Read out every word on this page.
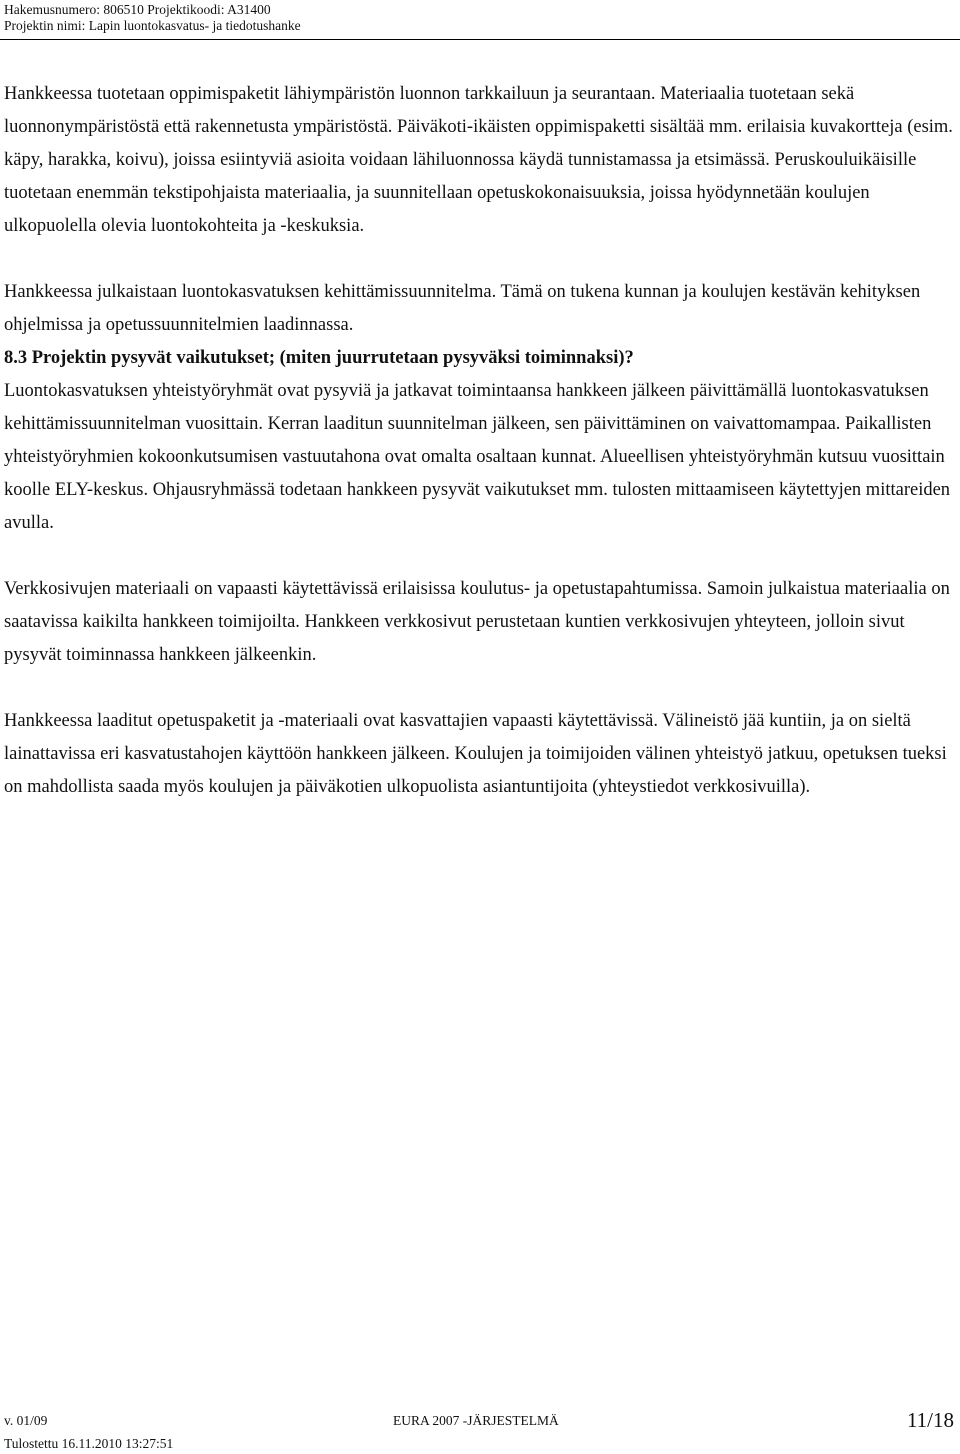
Hakemusnumero: 806510 Projektikoodi: A31400
Projektin nimi: Lapin luontokasvatus- ja tiedotushanke

Hankkeessa tuotetaan oppimispaketit lähiympäristön luonnon tarkkailuun ja seurantaan. Materiaalia tuotetaan sekä luonnonympäristöstä että rakennetusta ympäristöstä. Päiväkoti-ikäisten oppimispaketti sisältää mm. erilaisia kuvakortteja (esim. käpy, harakka, koivu), joissa esiintyviä asioita voidaan lähiluonnossa käydä tunnistamassa ja etsimässä. Peruskouluikäisille tuotetaan enemmän tekstipohjaista materiaalia, ja suunnitellaan opetuskokonaisuuksia, joissa hyödynnetään koulujen ulkopuolella olevia luontokohteita ja -keskuksia.

Hankkeessa julkaistaan luontokasvatuksen kehittämissuunnitelma. Tämä on tukena kunnan ja koulujen kestävän kehityksen ohjelmissa ja opetussuunnitelmien laadinnassa.

8.3 Projektin pysyvät vaikutukset; (miten juurrutetaan pysyväksi toiminnaksi)?

Luontokasvatuksen yhteistyöryhmät ovat pysyviä ja jatkavat toimintaansa hankkeen jälkeen päivittämällä luontokasvatuksen kehittämissuunnitelman vuosittain. Kerran laaditun suunnitelman jälkeen, sen päivittäminen on vaivattomampaa. Paikallisten yhteistyöryhmien kokoonkutsumisen vastuutahona ovat omalta osaltaan kunnat. Alueellisen yhteistyöryhmän kutsuu vuosittain koolle ELY-keskus. Ohjausryhmässä todetaan hankkeen pysyvät vaikutukset mm. tulosten mittaamiseen käytettyjen mittareiden avulla.

Verkkosivujen materiaali on vapaasti käytettävissä erilaisissa koulutus- ja opetustapahtumissa. Samoin julkaistua materiaalia on saatavissa kaikilta hankkeen toimijoilta. Hankkeen verkkosivut perustetaan kuntien verkkosivujen yhteyteen, jolloin sivut pysyvät toiminnassa hankkeen jälkeenkin.

Hankkeessa laaditut opetuspaketit ja -materiaali ovat kasvattajien vapaasti käytettävissä. Välineistö jää kuntiin, ja on sieltä lainattavissa eri kasvatustahojen käyttöön hankkeen jälkeen. Koulujen ja toimijoiden välinen yhteistyö jatkuu, opetuksen tueksi on mahdollista saada myös koulujen ja päiväkotien ulkopuolista asiantuntijoita (yhteystiedot verkkosivuilla).

v. 01/09	EURA 2007 -JÄRJESTELMÄ	11/18
Tulostettu 16.11.2010 13:27:51
